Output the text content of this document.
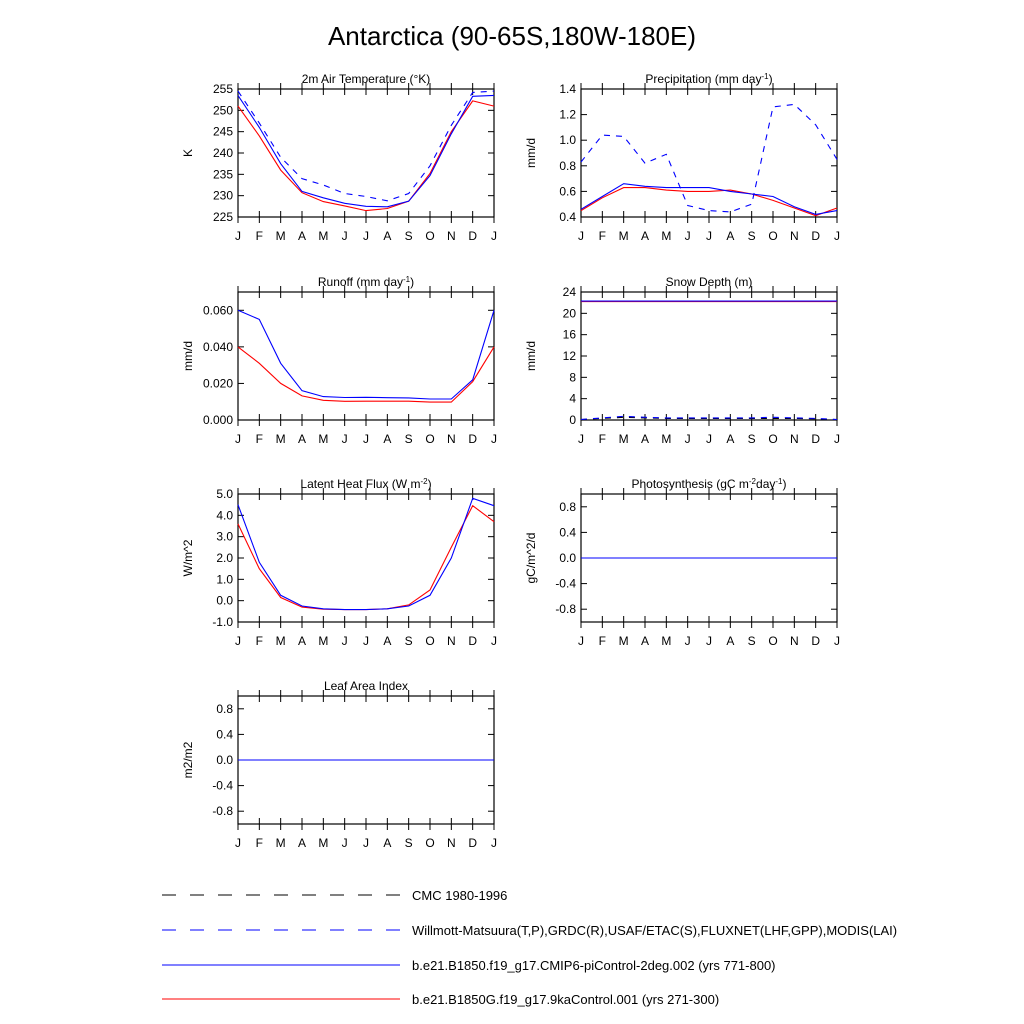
Antarctica (90-65S,180W-180E)
2m Air Temperature (°K)
K
J F M A M J J A S O N D J
225
230
235
240
245
250
255
Precipitation (mm day$^{-1}$)
mm/d
J F M A M J J A S O N D J
0.4
0.6
0.8
1.0
1.2
1.4
Runoff (mm day$^{-1}$)
mm/d
J F M A M J J A S O N D J
0.000
0.020
0.040
0.060
Snow Depth (m)
mm/d
J F M A M J J A S O N D J
0
4
8
12
16
20
24
Latent Heat Flux (W $m^{-2}$)
W/m^2
J F M A M J J A S O N D J
-1.0
0.0
1.0
2.0
3.0
4.0
5.0
Photosynthesis (gC $m^{-2}day^{-1}$)
gC/m^2/d
J F M A M J J A S O N D J
-0.8
-0.4
0.0
0.4
0.8
Leaf Area Index
m2/m2
J F M A M J J A S O N D J
-0.8
-0.4
0.0
0.4
0.8
CMC 1980-1996
Willmott-Matsuura(T,P),GRDC(R),USAF/ETAC(S),FLUXNET(LHF,GPP),MODIS(LAI)
b.e21.B1850.f19_g17.CMIP6-piControl-2deg.002 (yrs 771-800)
b.e21.B1850G.f19_g17.9kaControl.001 (yrs 271-300)
